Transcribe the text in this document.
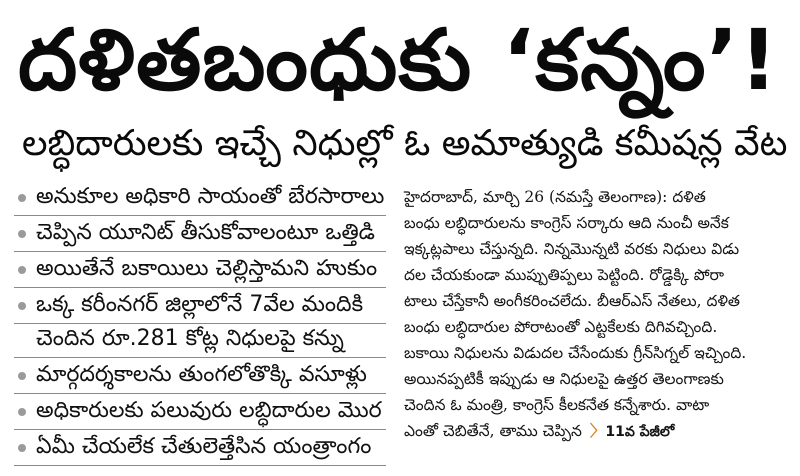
దళితబంధుకు ‘కన్నం’!
లబ్ధిదారులకు ఇచ్చే నిధుల్లో ఓ అమాత్యుడి కమీషన్ల వేట
అనుకూల అధికారి సాయంతో బేరసారాలు
చెప్పిన యూనిట్ తీసుకోవాలంటూ ఒత్తిడి
అయితేనే బకాయిలు చెల్లిస్తామని హుకుం
ఒక్క కరీంనగర్ జిల్లాలోనే 7వేల మందికి
చెందిన రూ.281 కోట్ల నిధులపై కన్ను
మార్గదర్శకాలను తుంగలోతొక్కి వసూళ్లు
అధికారులకు పలువురు లబ్ధిదారుల మొర
ఏమీ చేయలేక చేతులెత్తేసిన యంత్రాంగం
హైదరాబాద్, మార్చి 26 (నమస్తే తెలంగాణ): దళిత
బంధు లబ్ధిదారులను కాంగ్రెస్ సర్కారు ఆది నుంచీ అనేక
ఇక్కట్లపాలు చేస్తున్నది. నిన్నమొన్నటి వరకు నిధులు విడు
దల చేయకుండా ముప్పుతిప్పలు పెట్టింది. రోడ్డెక్కి పోరా
టాలు చేస్తేకానీ అంగీకరించలేదు. బీఆర్ఎస్ నేతలు, దళిత
బంధు లబ్ధిదారుల పోరాటంతో ఎట్టకేలకు దిగివచ్చింది.
బకాయి నిధులను విడుదల చేసేందుకు గ్రీన్‌సిగ్నల్ ఇచ్చింది.
అయినప్పటికీ ఇప్పుడు ఆ నిధులపై ఉత్తర తెలంగాణకు
చెందిన ఓ మంత్రి, కాంగ్రెస్ కీలకనేత కన్నేశారు. వాటా
ఎంతో చెబితేనే, తాము చెప్పిన 〉11వ పేజీలో
